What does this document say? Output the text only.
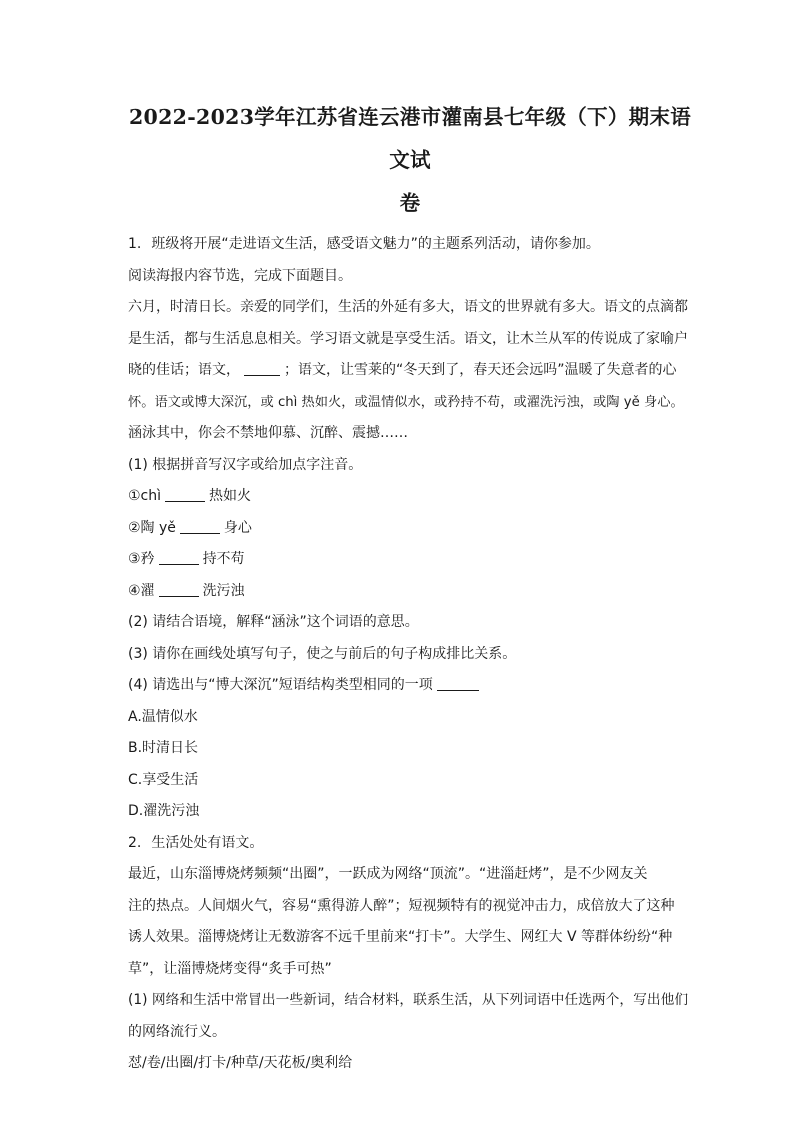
2022-2023学年江苏省连云港市灌南县七年级（下）期末语文试
卷
1. 班级将开展“走进语文生活，感受语文魅力”的主题系列活动，请你参加。
阅读海报内容节选，完成下面题目。
六月，时清日长。亲爱的同学们，生活的外延有多大，语文的世界就有多大。语文的点滴都
是生活，都与生活息息相关。学习语文就是享受生活。语文，让木兰从军的传说成了家喻户
晓的佳话；语文，	；语文，让雪莱的“冬天到了，春天还会远吗”温暖了失意者的心
怀。语文或博大深沉，或 chì 热如火，或温情似水，或矜持不苟，或濯洗污浊，或陶 yě 身心。
涵泳其中，你会不禁地仰慕、沉醉、震撼……
(1) 根据拼音写汉字或给加点字注音。
①chì	热如火
②陶 yě	身心
③矜	持不苟
④濯	洗污浊
(2) 请结合语境，解释“涵泳”这个词语的意思。
(3) 请你在画线处填写句子，使之与前后的句子构成排比关系。
(4) 请选出与“博大深沉”短语结构类型相同的一项
A.温情似水
B.时清日长
C.享受生活
D.濯洗污浊
2. 生活处处有语文。
最近，山东淄博烧烤频频“出圈”，一跃成为网络“顶流”。“进淄赶烤”，是不少网友关
注的热点。人间烟火气，容易“熏得游人醉”；短视频特有的视觉冲击力，成倍放大了这种
诱人效果。淄博烧烤让无数游客不远千里前来“打卡”。大学生、网红大 V 等群体纷纷“种
草”，让淄博烧烤变得“炙手可热”
(1) 网络和生活中常冒出一些新词，结合材料，联系生活，从下列词语中任选两个，写出他们
的网络流行义。
怼/卷/出圈/打卡/种草/天花板/奥利给
